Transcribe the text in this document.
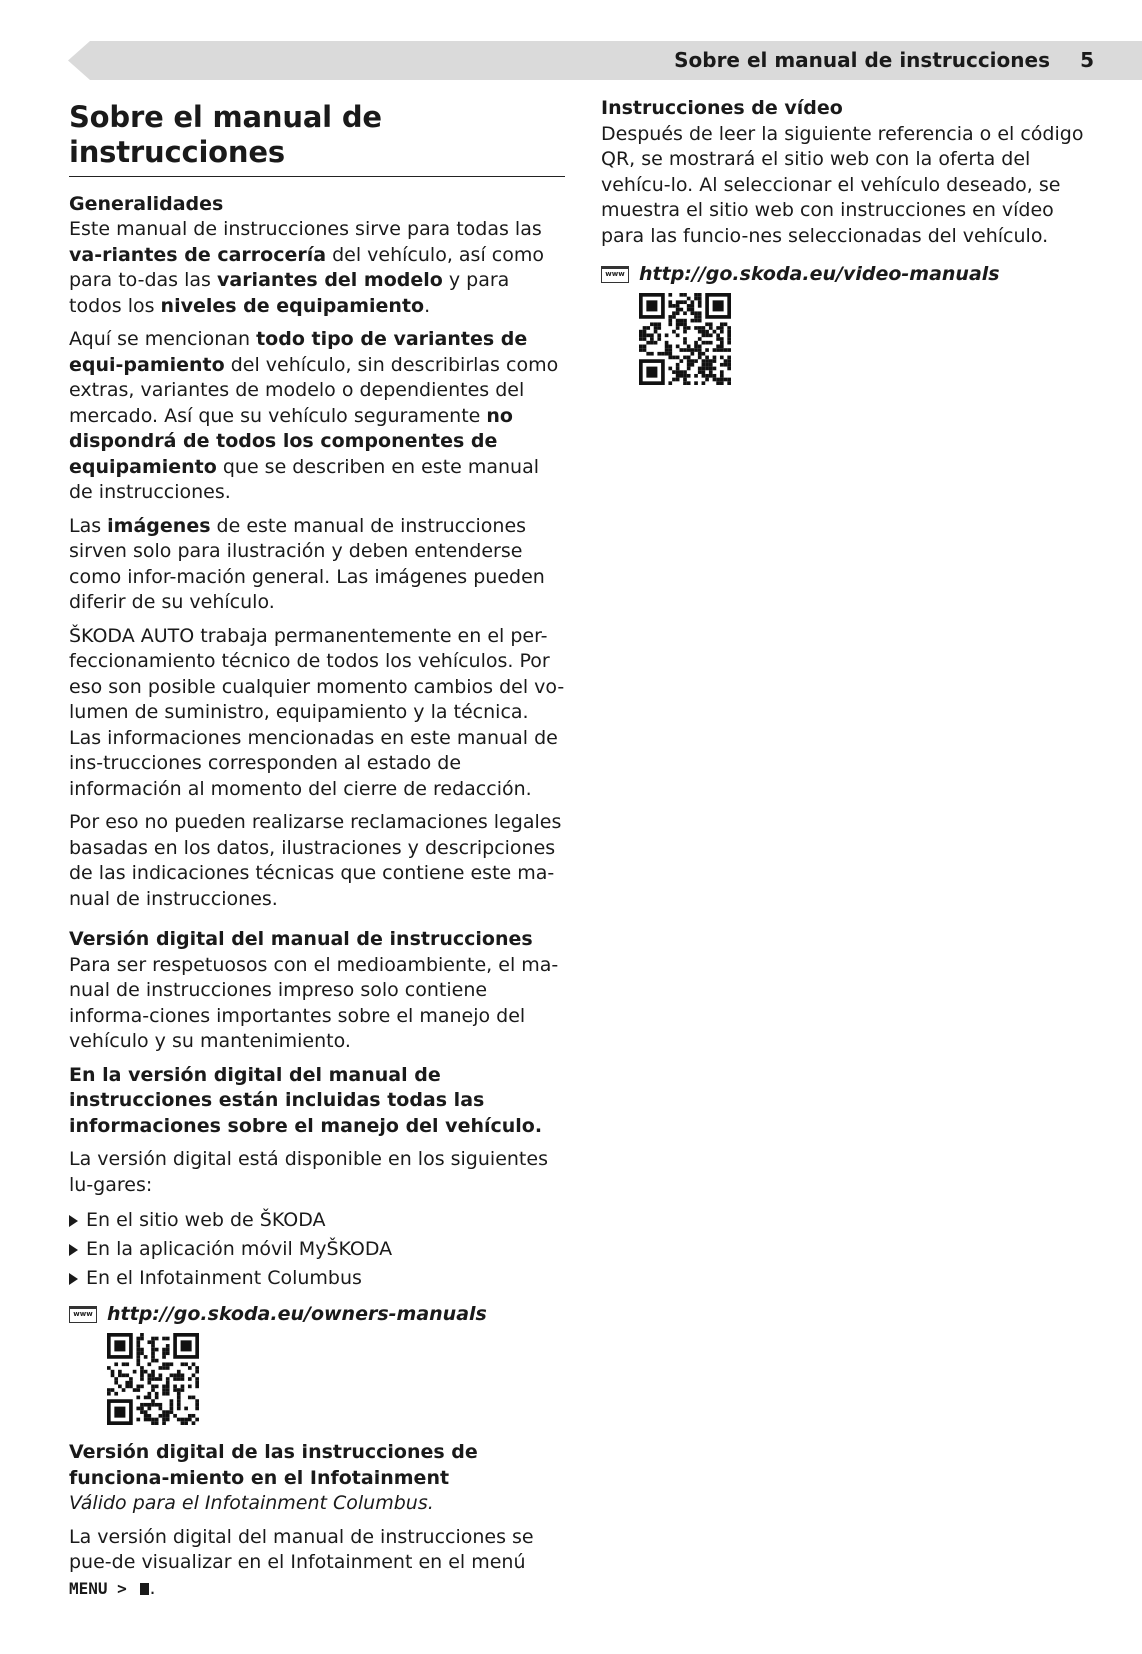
Sobre el manual de instrucciones 5
Sobre el manual de instrucciones
Generalidades

Este manual de instrucciones sirve para todas las va-riantes de carrocería del vehículo, así como para to-das las variantes del modelo y para todos los niveles de equipamiento.

Aquí se mencionan todo tipo de variantes de equi-pamiento del vehículo, sin describirlas como extras, variantes de modelo o dependientes del mercado. Así que su vehículo seguramente no dispondrá de todos los componentes de equipamiento que se describen en este manual de instrucciones.

Las imágenes de este manual de instrucciones sirven solo para ilustración y deben entenderse como infor-mación general. Las imágenes pueden diferir de su vehículo.

ŠKODA AUTO trabaja permanentemente en el per-feccionamiento técnico de todos los vehículos. Por eso son posible cualquier momento cambios del vo-lumen de suministro, equipamiento y la técnica. Las informaciones mencionadas en este manual de ins-trucciones corresponden al estado de información al momento del cierre de redacción.

Por eso no pueden realizarse reclamaciones legales basadas en los datos, ilustraciones y descripciones de las indicaciones técnicas que contiene este ma-nual de instrucciones.

Versión digital del manual de instrucciones

Para ser respetuosos con el medioambiente, el ma-nual de instrucciones impreso solo contiene informa-ciones importantes sobre el manejo del vehículo y su mantenimiento.

En la versión digital del manual de instrucciones están incluidas todas las informaciones sobre el manejo del vehículo.

La versión digital está disponible en los siguientes lu-gares:

En el sitio web de ŠKODA
En la aplicación móvil MyŠKODA
En el Infotainment Columbus
www http://go.skoda.eu/owners-manuals
Versión digital de las instrucciones de funciona-miento en el Infotainment

Válido para el Infotainment Columbus.

La versión digital del manual de instrucciones se pue-de visualizar en el Infotainment en el menú MENU > .

Instrucciones de vídeo

Después de leer la siguiente referencia o el código QR, se mostrará el sitio web con la oferta del vehícu-lo. Al seleccionar el vehículo deseado, se muestra el sitio web con instrucciones en vídeo para las funcio-nes seleccionadas del vehículo.

www http://go.skoda.eu/video-manuals
